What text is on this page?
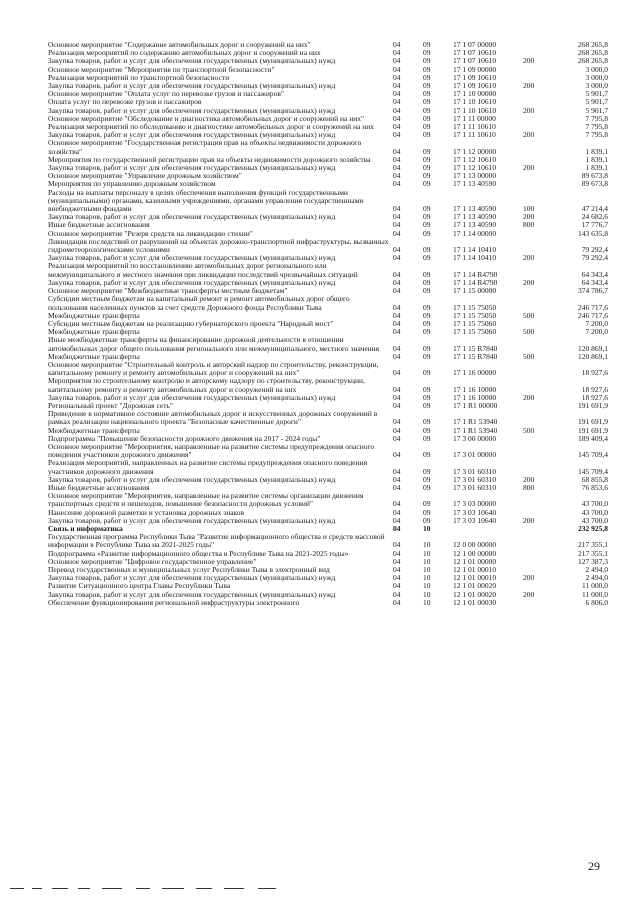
Основное мероприятие "Содержание автомобильных дорог и сооружений на них"	04	09	17 1 07 00000		268 265,8
Реализация мероприятий по содержанию автомобильных дорог и сооружений на них	04	09	17 1 07 10610		268 265,8
Закупка товаров, работ и услуг для обеспечения государственных (муниципальных) нужд	04	09	17 1 07 10610	200	268 265,8
Основное мероприятие "Мероприятия по транспортной безопасности"	04	09	17 1 09 00000		3 000,0
Реализация мероприятий по транспортной безопасности	04	09	17 1 09 10610		3 000,0
Закупка товаров, работ и услуг для обеспечения государственных (муниципальных) нужд	04	09	17 1 09 10610	200	3 000,0
Основное мероприятие "Оплата услуг по перевозке грузов и пассажиров"	04	09	17 1 10 00000		5 901,7
Оплата услуг по перевозке грузов и пассажиров	04	09	17 1 10 10610		5 901,7
Закупка товаров, работ и услуг для обеспечения государственных (муниципальных) нужд	04	09	17 1 10 10610	200	5 901,7
Основное мероприятие "Обследование и диагностика автомобильных дорог и сооружений на них"	04	09	17 1 11 00000		7 795,8
Реализация мероприятий по обследованию и диагностике автомобильных дорог и сооружений на них	04	09	17 1 11 10610		7 795,8
Закупка товаров, работ и услуг для обеспечения государственных (муниципальных) нужд	04	09	17 1 11 10610	200	7 795,8
Основное мероприятие "Государственная регистрация прав на объекты недвижимости дорожного хозяйства"	04	09	17 1 12 00000		1 839,1
Мероприятия по государственной регистрации прав на объекты недвижимости дорожного хозяйства	04	09	17 1 12 10610		1 839,1
Закупка товаров, работ и услуг для обеспечения государственных (муниципальных) нужд	04	09	17 1 12 10610	200	1 839,1
Основное мероприятие "Управление дорожным хозяйством"	04	09	17 1 13 00000		89 673,8
Мероприятия по управлению дорожным хозяйством	04	09	17 1 13 40590		89 673,8
Расходы на выплаты персоналу в целях обеспечения выполнения функций государственными (муниципальными) органами, казенными учреждениями, органами управления государственными внебюджетными фондами	04	09	17 1 13 40590	100	47 214,4
Закупка товаров, работ и услуг для обеспечения государственных (муниципальных) нужд	04	09	17 1 13 40590	200	24 682,6
Иные бюджетные ассигнования	04	09	17 1 13 40590	800	17 776,7
Основное мероприятие "Резерв средств на ликвидацию стихии"	04	09	17 1 14 00000		143 635,8
Ликвидация последствий от разрушений на объектах дорожно-транспортной инфраструктуры, вызванных гидрометеорологическими условиями	04	09	17 1 14 10410		79 292,4
Закупка товаров, работ и услуг для обеспечения государственных (муниципальных) нужд	04	09	17 1 14 10410	200	79 292,4
Реализация мероприятий по восстановлению автомобильных дорог регионального или межмуниципального и местного значения при ликвидации последствий чрезвычайных ситуаций	04	09	17 1 14 R4790		64 343,4
Закупка товаров, работ и услуг для обеспечения государственных (муниципальных) нужд	04	09	17 1 14 R4790	200	64 343,4
Основное мероприятие "Межбюджетные трансферты местным бюджетам"	04	09	17 1 15 00000		374 786,7
Субсидии местным бюджетам на капитальный ремонт и ремонт автомобильных дорог общего пользования населенных пунктов за счет средств Дорожного фонда Республики Тыва	04	09	17 1 15 75050		246 717,6
Межбюджетные трансферты	04	09	17 1 15 75050	500	246 717,6
Субсидии местным бюджетам на реализацию губернаторского проекта "Народный мост"	04	09	17 1 15 75060		7 200,0
Межбюджетные трансферты	04	09	17 1 15 75060	500	7 200,0
Иные межбюджетные трансферты на финансирование дорожной деятельности в отношении автомобильных дорог общего пользования регионального или межмуниципального, местного значения	04	09	17 1 15 R7840		120 869,1
Межбюджетные трансферты	04	09	17 1 15 R7840	500	120 869,1
Основное мероприятие "Строительный контроль и авторский надзор по строительству, реконструкции, капитальному ремонту и ремонту автомобильных дорог и сооружений на них"	04	09	17 1 16 00000		18 927,6
Мероприятия по строительному контролю и авторскому надзору по строительству, реконструкции, капитальному ремонту и ремонту автомобильных дорог и сооружений на них	04	09	17 1 16 10000		18 927,6
Закупка товаров, работ и услуг для обеспечения государственных (муниципальных) нужд	04	09	17 1 16 10000	200	18 927,6
Региональный проект "Дорожная сеть"	04	09	17 1 R1 00000		191 691,9
Приведение в нормативное состояние автомобильных дорог и искусственных дорожных сооружений в рамках реализации национального проекта "Безопасные качественные дороги"	04	09	17 1 R1 53940		191 691,9
Межбюджетные трансферты	04	09	17 1 R1 53940	500	191 691,9
Подпрограмма "Повышение безопасности дорожного движения на 2017 - 2024 годы"	04	09	17 3 00 00000		189 409,4
Основное мероприятие "Мероприятия, направленные на развитие системы предупреждения опасного поведения участников дорожного движения"	04	09	17 3 01 00000		145 709,4
Реализация мероприятий, направленных на развитие системы предупреждения опасного поведения участников дорожного движения	04	09	17 3 01 60310		145 709,4
Закупка товаров, работ и услуг для обеспечения государственных (муниципальных) нужд	04	09	17 3 01 60310	200	68 855,8
Иные бюджетные ассигнования	04	09	17 3 01 60310	800	76 853,6
Основное мероприятие "Мероприятия, направленные на развитие системы организации движения транспортных средств и пешеходов, повышение безопасности дорожных условий"	04	09	17 3 03 00000		43 700,0
Нанесение дорожной разметки и установка дорожных знаков	04	09	17 3 03 10640		43 700,0
Закупка товаров, работ и услуг для обеспечения государственных (муниципальных) нужд	04	09	17 3 03 10640	200	43 700,0
Связь и информатика	04	10			232 925,8
Государственная программа Республики Тыва "Развитие информационного общества и средств массовой информации в Республике Тыва на 2021-2025 годы"	04	10	12 0 00 00000		217 355,1
Подпрограмма «Развитие информационного общества в Республике Тыва на 2021-2025 годы»	04	10	12 1 00 00000		217 355,1
Основное мероприятие "Цифровое государственное управление"	04	10	12 1 01 00000		127 387,3
Перевод государственных и муниципальных услуг Республики Тыва в электронный вид	04	10	12 1 01 00010		2 494,0
Закупка товаров, работ и услуг для обеспечения государственных (муниципальных) нужд	04	10	12 1 01 00010	200	2 494,0
Развитие Ситуационного центра Главы Республики Тыва	04	10	12 1 01 00020		11 000,0
Закупка товаров, работ и услуг для обеспечения государственных (муниципальных) нужд	04	10	12 1 01 00020	200	11 000,0
Обеспечение функционирования региональной инфраструктуры электронного	04	10	12 1 01 00030		6 806,0
29
